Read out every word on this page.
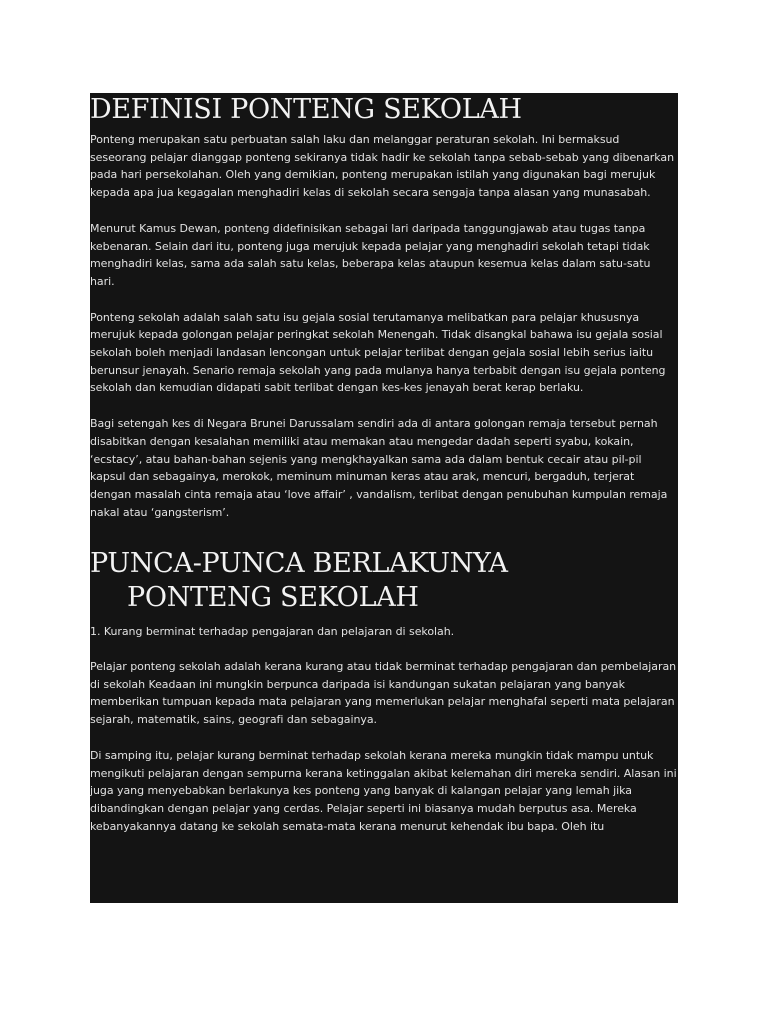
DEFINISI PONTENG SEKOLAH

Ponteng merupakan satu perbuatan salah laku dan melanggar peraturan sekolah. Ini bermaksud seseorang pelajar dianggap ponteng sekiranya tidak hadir ke sekolah tanpa sebab-sebab yang dibenarkan pada hari persekolahan. Oleh yang demikian, ponteng merupakan istilah yang digunakan bagi merujuk kepada apa jua kegagalan menghadiri kelas di sekolah secara sengaja tanpa alasan yang munasabah.

Menurut Kamus Dewan, ponteng didefinisikan sebagai lari daripada tanggungjawab atau tugas tanpa kebenaran. Selain dari itu, ponteng juga merujuk kepada pelajar yang menghadiri sekolah tetapi tidak menghadiri kelas, sama ada salah satu kelas, beberapa kelas ataupun kesemua kelas dalam satu-satu hari.

Ponteng sekolah adalah salah satu isu gejala sosial terutamanya melibatkan para pelajar khususnya merujuk kepada golongan pelajar peringkat sekolah Menengah. Tidak disangkal bahawa isu gejala sosial sekolah boleh menjadi landasan lencongan untuk pelajar terlibat dengan gejala sosial lebih serius iaitu berunsur jenayah. Senario remaja sekolah yang pada mulanya hanya terbabit dengan isu gejala ponteng sekolah dan kemudian didapati sabit terlibat dengan kes-kes jenayah berat kerap berlaku.

Bagi setengah kes di Negara Brunei Darussalam sendiri ada di antara golongan remaja tersebut pernah disabitkan dengan kesalahan memiliki atau memakan atau mengedar dadah seperti syabu, kokain, ‘ecstacy’, atau bahan-bahan sejenis yang mengkhayalkan sama ada dalam bentuk cecair atau pil-pil kapsul dan sebagainya, merokok, meminum minuman keras atau arak, mencuri, bergaduh, terjerat dengan masalah cinta remaja atau ‘love affair’ , vandalism, terlibat dengan penubuhan kumpulan remaja nakal atau ‘gangsterism’.

PUNCA-PUNCA BERLAKUNYA
PONTENG SEKOLAH

1. Kurang berminat terhadap pengajaran dan pelajaran di sekolah.

Pelajar ponteng sekolah adalah kerana kurang atau tidak berminat terhadap pengajaran dan pembelajaran di sekolah Keadaan ini mungkin berpunca daripada isi kandungan sukatan pelajaran yang banyak memberikan tumpuan kepada mata pelajaran yang memerlukan pelajar menghafal seperti mata pelajaran sejarah, matematik, sains, geografi dan sebagainya.

Di samping itu, pelajar kurang berminat terhadap sekolah kerana mereka mungkin tidak mampu untuk mengikuti pelajaran dengan sempurna kerana ketinggalan akibat kelemahan diri mereka sendiri. Alasan ini juga yang menyebabkan berlakunya kes ponteng yang banyak di kalangan pelajar yang lemah jika dibandingkan dengan pelajar yang cerdas. Pelajar seperti ini biasanya mudah berputus asa. Mereka kebanyakannya datang ke sekolah semata-mata kerana menurut kehendak ibu bapa. Oleh itu
